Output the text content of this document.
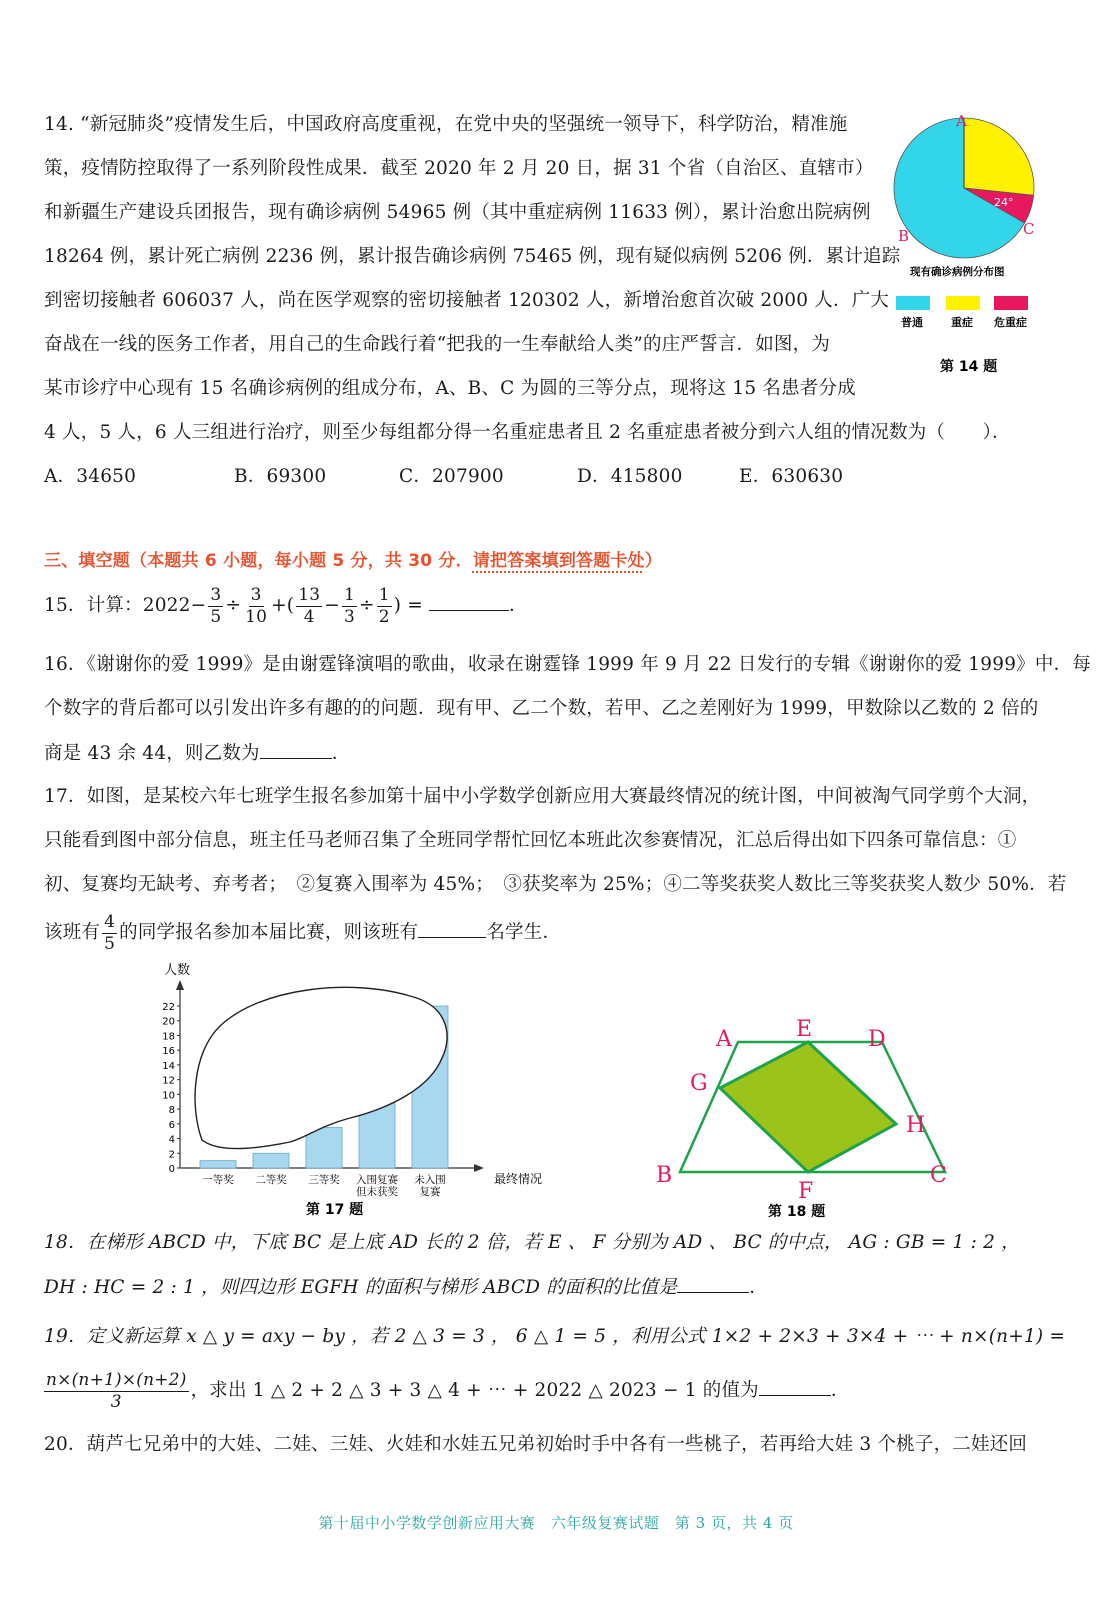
14. “新冠肺炎”疫情发生后，中国政府高度重视，在党中央的坚强统一领导下，科学防治，精准施
策，疫情防控取得了一系列阶段性成果．截至 2020 年 2 月 20 日，据 31 个省（自治区、直辖市）
和新疆生产建设兵团报告，现有确诊病例 54965 例（其中重症病例 11633 例），累计治愈出院病例
18264 例，累计死亡病例 2236 例，累计报告确诊病例 75465 例，现有疑似病例 5206 例．累计追踪
到密切接触者 606037 人，尚在医学观察的密切接触者 120302 人，新增治愈首次破 2000 人．广大
奋战在一线的医务工作者，用自己的生命践行着“把我的一生奉献给人类”的庄严誓言．如图，为
某市诊疗中心现有 15 名确诊病例的组成分布，A、B、C 为圆的三等分点，现将这 15 名患者分成
4 人，5 人，6 人三组进行治疗，则至少每组都分得一名重症患者且 2 名重症患者被分到六人组的情况数为（　　）．
A．34650	B．69300	C．207900	D．415800	E．630630
A
B	C
24°
现有确诊病例分布图
普通	重症 危重症
第 14 题
三、填空题（本题共 6 小题，每小题 5 分，共 30 分．请把答案填到答题卡处）
15．计算：$2022- \frac{3}{5} \div \frac{3}{10}$ +( $\frac{13}{4} - \frac{1}{3} \div \frac{1}{2}$ ) =	．
16．《谢谢你的爱 1999》是由谢霆锋演唱的歌曲，收录在谢霆锋 1999 年 9 月 22 日发行的专辑《谢谢你的爱 1999》中．每
个数字的背后都可以引发出许多有趣的的问题．现有甲、乙二个数，若甲、乙之差刚好为 1999，甲数除以乙数的 2 倍的
商是 43 余 44，则乙数为	．
17．如图，是某校六年七班学生报名参加第十届中小学数学创新应用大赛最终情况的统计图，中间被淘气同学剪个大洞，
只能看到图中部分信息，班主任马老师召集了全班同学帮忙回忆本班此次参赛情况，汇总后得出如下四条可靠信息：①
初、复赛均无缺考、弃考者；　②复赛入围率为 45%；　③获奖率为 25%；④二等奖获奖人数比三等奖获奖人数少 50%．若
该班有 $\frac{4}{5}$ 的同学报名参加本届比赛，则该班有	名学生．
人数
0
2
4
6
8
10
12
14
16
18
20
22
一等奖 二等奖 三等奖 入围复赛
但未获奖
未入围
复赛
最终情况
第 17 题
A	E	D
G
H
B
F
C
第 18 题
18．在梯形 ABCD 中，下底 BC 是上底 AD 长的 2 倍，若 E 、 F 分别为 AD 、 BC 的中点， AG : GB = 1 : 2 ，
DH : HC = 2 : 1 ，则四边形 EGFH 的面积与梯形 ABCD 的面积的比值是	．
19．定义新运算 x △ y = axy − by ，若 2 △ 3 = 3 ， 6 △ 1 = 5 ，利用公式 1×2 + 2×3 + 3×4 + ⋯ + n×(n+1) =
$\frac{n\times(n+1)\times(n+2)}{3}$ ，求出 1 △ 2 + 2 △ 3 + 3 △ 4 + ⋯ + 2022 △ 2023 − 1 的值为	．
20．葫芦七兄弟中的大娃、二娃、三娃、火娃和水娃五兄弟初始时手中各有一些桃子，若再给大娃 3 个桃子，二娃还回
第十届中小学数学创新应用大赛　六年级复赛试题　第 3 页，共 4 页
